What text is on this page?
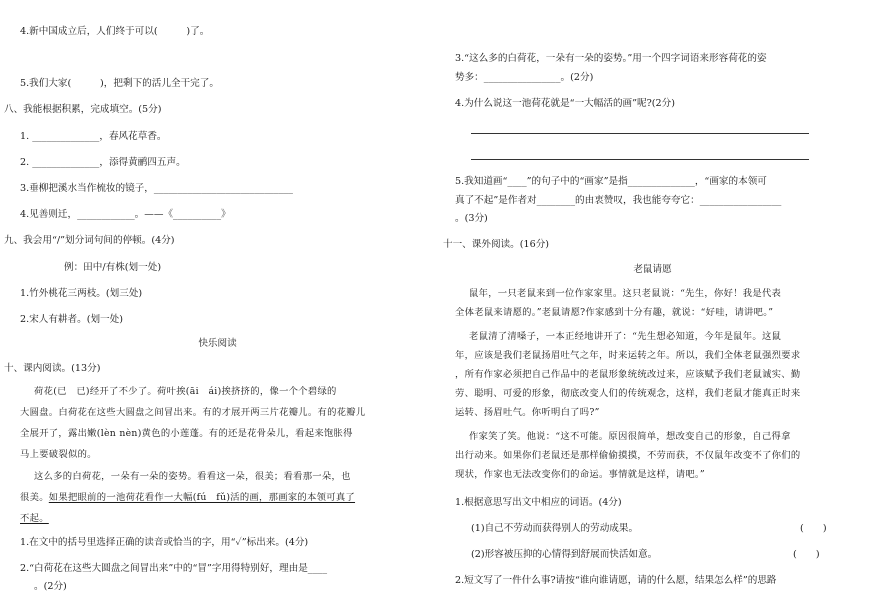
4.新中国成立后，人们终于可以(　　　)了。
5.我们大家(　　　)，把剩下的活儿全干完了。
八、我能根据积累，完成填空。(5分)
1. ______________，春风花草香。
2. ______________，添得黄鹂四五声。
3.垂柳把溪水当作梳妆的镜子，_____________________________
4.见善则迁，____________。——《__________》
九、我会用“/”划分词句间的停顿。(4分)
例：田中/有株(划一处)
1.竹外桃花三两枝。(划三处)
2.宋人有耕者。(划一处)
快乐阅读
十、课内阅读。(13分)
荷花(已　已)经开了不少了。荷叶挨(āi　ái)挨挤挤的，像一个个碧绿的
大圆盘。白荷花在这些大圆盘之间冒出来。有的才展开两三片花瓣儿。有的花瓣儿
全展开了，露出嫩(lèn nèn)黄色的小莲蓬。有的还是花骨朵儿，看起来饱胀得
马上要破裂似的。
这么多的白荷花，一朵有一朵的姿势。看看这一朵，很美；看看那一朵，也
很美。如果把眼前的一池荷花看作一大幅(fú　fǔ)活的画，那画家的本领可真了
不起。
1.在文中的括号里选择正确的读音或恰当的字，用“✓”标出来。(4分)
2.“白荷花在这些大圆盘之间冒出来”中的“冒”字用得特别好，理由是____
。(2分)
3.“这么多的白荷花，一朵有一朵的姿势。”用一个四字词语来形容荷花的姿
势多：________________。(2分)
4.为什么说这一池荷花就是“一大幅活的画”呢?(2分)
5.我知道画“____”的句子中的“画家”是指______________，“画家的本领可
真了不起”是作者对________的由衷赞叹，我也能夸夸它：_________________
。(3分)
十一、课外阅读。(16分)
老鼠请愿
鼠年，一只老鼠来到一位作家家里。这只老鼠说：“先生，你好！我是代表
全体老鼠来请愿的。”老鼠请愿?作家感到十分有趣，就说：“好哇，请讲吧。”
老鼠清了清嗓子，一本正经地讲开了：“先生想必知道，今年是鼠年。这鼠
年，应该是我们老鼠扬眉吐气之年，时来运转之年。所以，我们全体老鼠强烈要求
，所有作家必须把自己作品中的老鼠形象统统改过来，应该赋予我们老鼠诚实、勤
劳、聪明、可爱的形象，彻底改变人们的传统观念，这样，我们老鼠才能真正时来
运转、扬眉吐气。你听明白了吗?”
作家笑了笑。他说：“这不可能。原因很简单，想改变自己的形象，自己得拿
出行动来。如果你们老鼠还是那样偷偷摸摸，不劳而获，不仅鼠年改变不了你们的
现状，作家也无法改变你们的命运。事情就是这样，请吧。”
1.根据意思写出文中相应的词语。(4分)
(1)自己不劳动而获得别人的劳动成果。	(　　)
(2)形容被压抑的心情得到舒展而快活如意。	(　　)
2.短文写了一件什么事?请按“谁向谁请愿，请的什么愿，结果怎么样”的思路
